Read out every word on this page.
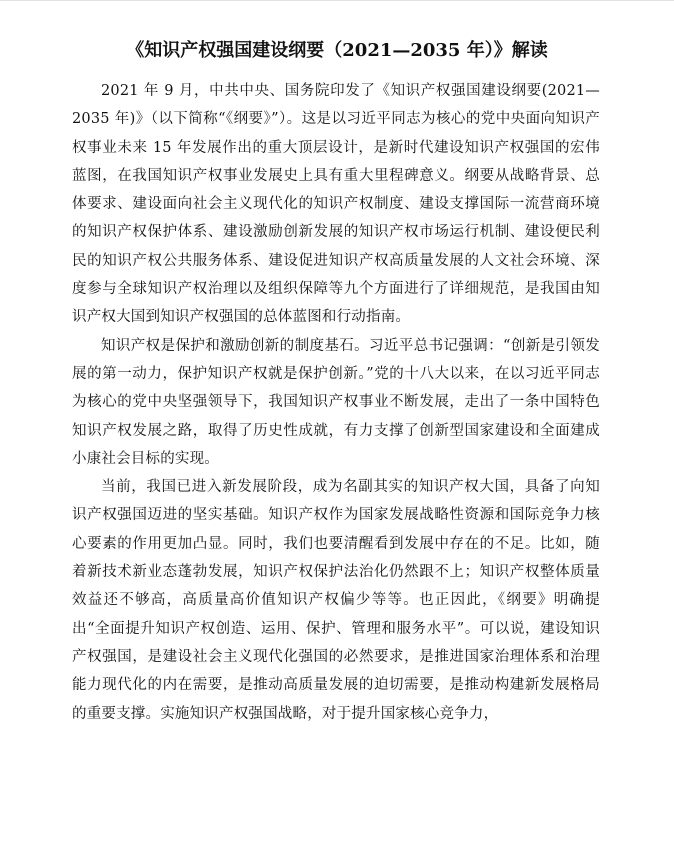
《知识产权强国建设纲要（2021—2035 年）》解读

2021 年 9 月，中共中央、国务院印发了《知识产权强国建设纲要(2021—2035 年)》（以下简称“《纲要》”）。这是以习近平同志为核心的党中央面向知识产权事业未来 15 年发展作出的重大顶层设计，是新时代建设知识产权强国的宏伟蓝图，在我国知识产权事业发展史上具有重大里程碑意义。纲要从战略背景、总体要求、建设面向社会主义现代化的知识产权制度、建设支撑国际一流营商环境的知识产权保护体系、建设激励创新发展的知识产权市场运行机制、建设便民利民的知识产权公共服务体系、建设促进知识产权高质量发展的人文社会环境、深度参与全球知识产权治理以及组织保障等九个方面进行了详细规范，是我国由知识产权大国到知识产权强国的总体蓝图和行动指南。

知识产权是保护和激励创新的制度基石。习近平总书记强调：“创新是引领发展的第一动力，保护知识产权就是保护创新。”党的十八大以来，在以习近平同志为核心的党中央坚强领导下，我国知识产权事业不断发展，走出了一条中国特色知识产权发展之路，取得了历史性成就，有力支撑了创新型国家建设和全面建成小康社会目标的实现。

当前，我国已进入新发展阶段，成为名副其实的知识产权大国，具备了向知识产权强国迈进的坚实基础。知识产权作为国家发展战略性资源和国际竞争力核心要素的作用更加凸显。同时，我们也要清醒看到发展中存在的不足。比如，随着新技术新业态蓬勃发展，知识产权保护法治化仍然跟不上；知识产权整体质量效益还不够高，高质量高价值知识产权偏少等等。也正因此，《纲要》明确提出“全面提升知识产权创造、运用、保护、管理和服务水平”。可以说，建设知识产权强国，是建设社会主义现代化强国的必然要求，是推进国家治理体系和治理能力现代化的内在需要，是推动高质量发展的迫切需要，是推动构建新发展格局的重要支撑。实施知识产权强国战略，对于提升国家核心竞争力，
